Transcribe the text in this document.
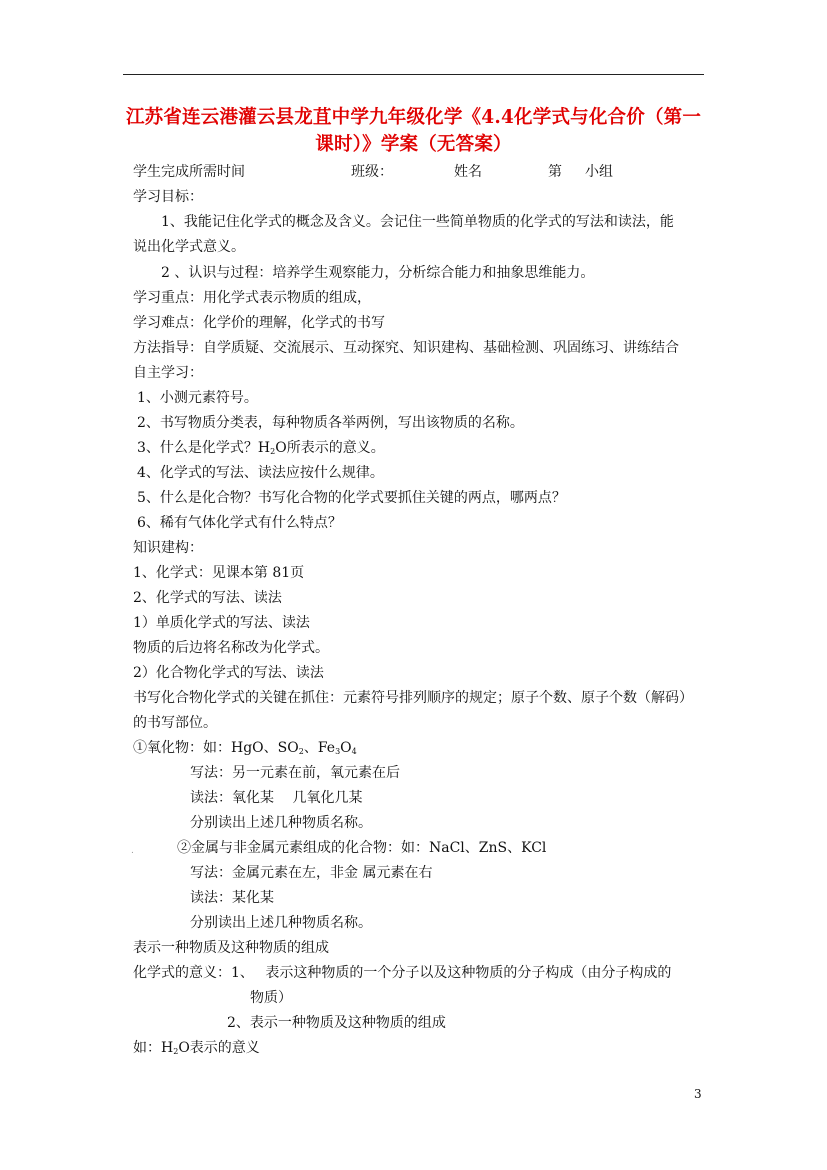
江苏省连云港灌云县龙苴中学九年级化学《4.4化学式与化合价（第一课时）》学案（无答案）
学生完成所需时间	班级：	姓名	第 小组
学习目标：
1、我能记住化学式的概念及含义。会记住一些简单物质的化学式的写法和读法，能
说出化学式意义。
2 、认识与过程：培养学生观察能力，分析综合能力和抽象思维能力。
学习重点：用化学式表示物质的组成，
学习难点：化学价的理解，化学式的书写
方法指导：自学质疑、交流展示、互动探究、知识建构、基础检测、巩固练习、讲练结合
自主学习：
1、小测元素符号。
2、书写物质分类表，每种物质各举两例，写出该物质的名称。
3、什么是化学式？$H_2O$所表示的意义。
4、化学式的写法、读法应按什么规律。
5、什么是化合物？书写化合物的化学式要抓住关键的两点，哪两点？
6、稀有气体化学式有什么特点？
知识建构：
1、化学式：见课本第 81页
2、化学式的写法、读法
1）单质化学式的写法、读法
物质的后边将名称改为化学式。
2）化合物化学式的写法、读法
书写化合物化学式的关键在抓住：元素符号排列顺序的规定；原子个数、原子个数（解码）
的书写部位。
①氧化物：如：HgO、$SO_2$、$Fe_3O_4$
写法：另一元素在前，氧元素在后
读法：氧化某　 几氧化几某
分别读出上述几种物质名称。
②金属与非金属元素组成的化合物：如：NaCl、ZnS、KCl
写法：金属元素在左，非金 属元素在右
读法：某化某
分别读出上述几种物质名称。
表示一种物质及这种物质的组成
化学式的意义：1、　 表示这种物质的一个分子以及这种物质的分子构成（由分子构成的
物质）
2、表示一种物质及这种物质的组成
如：$H_2O$表示的意义
.
3
